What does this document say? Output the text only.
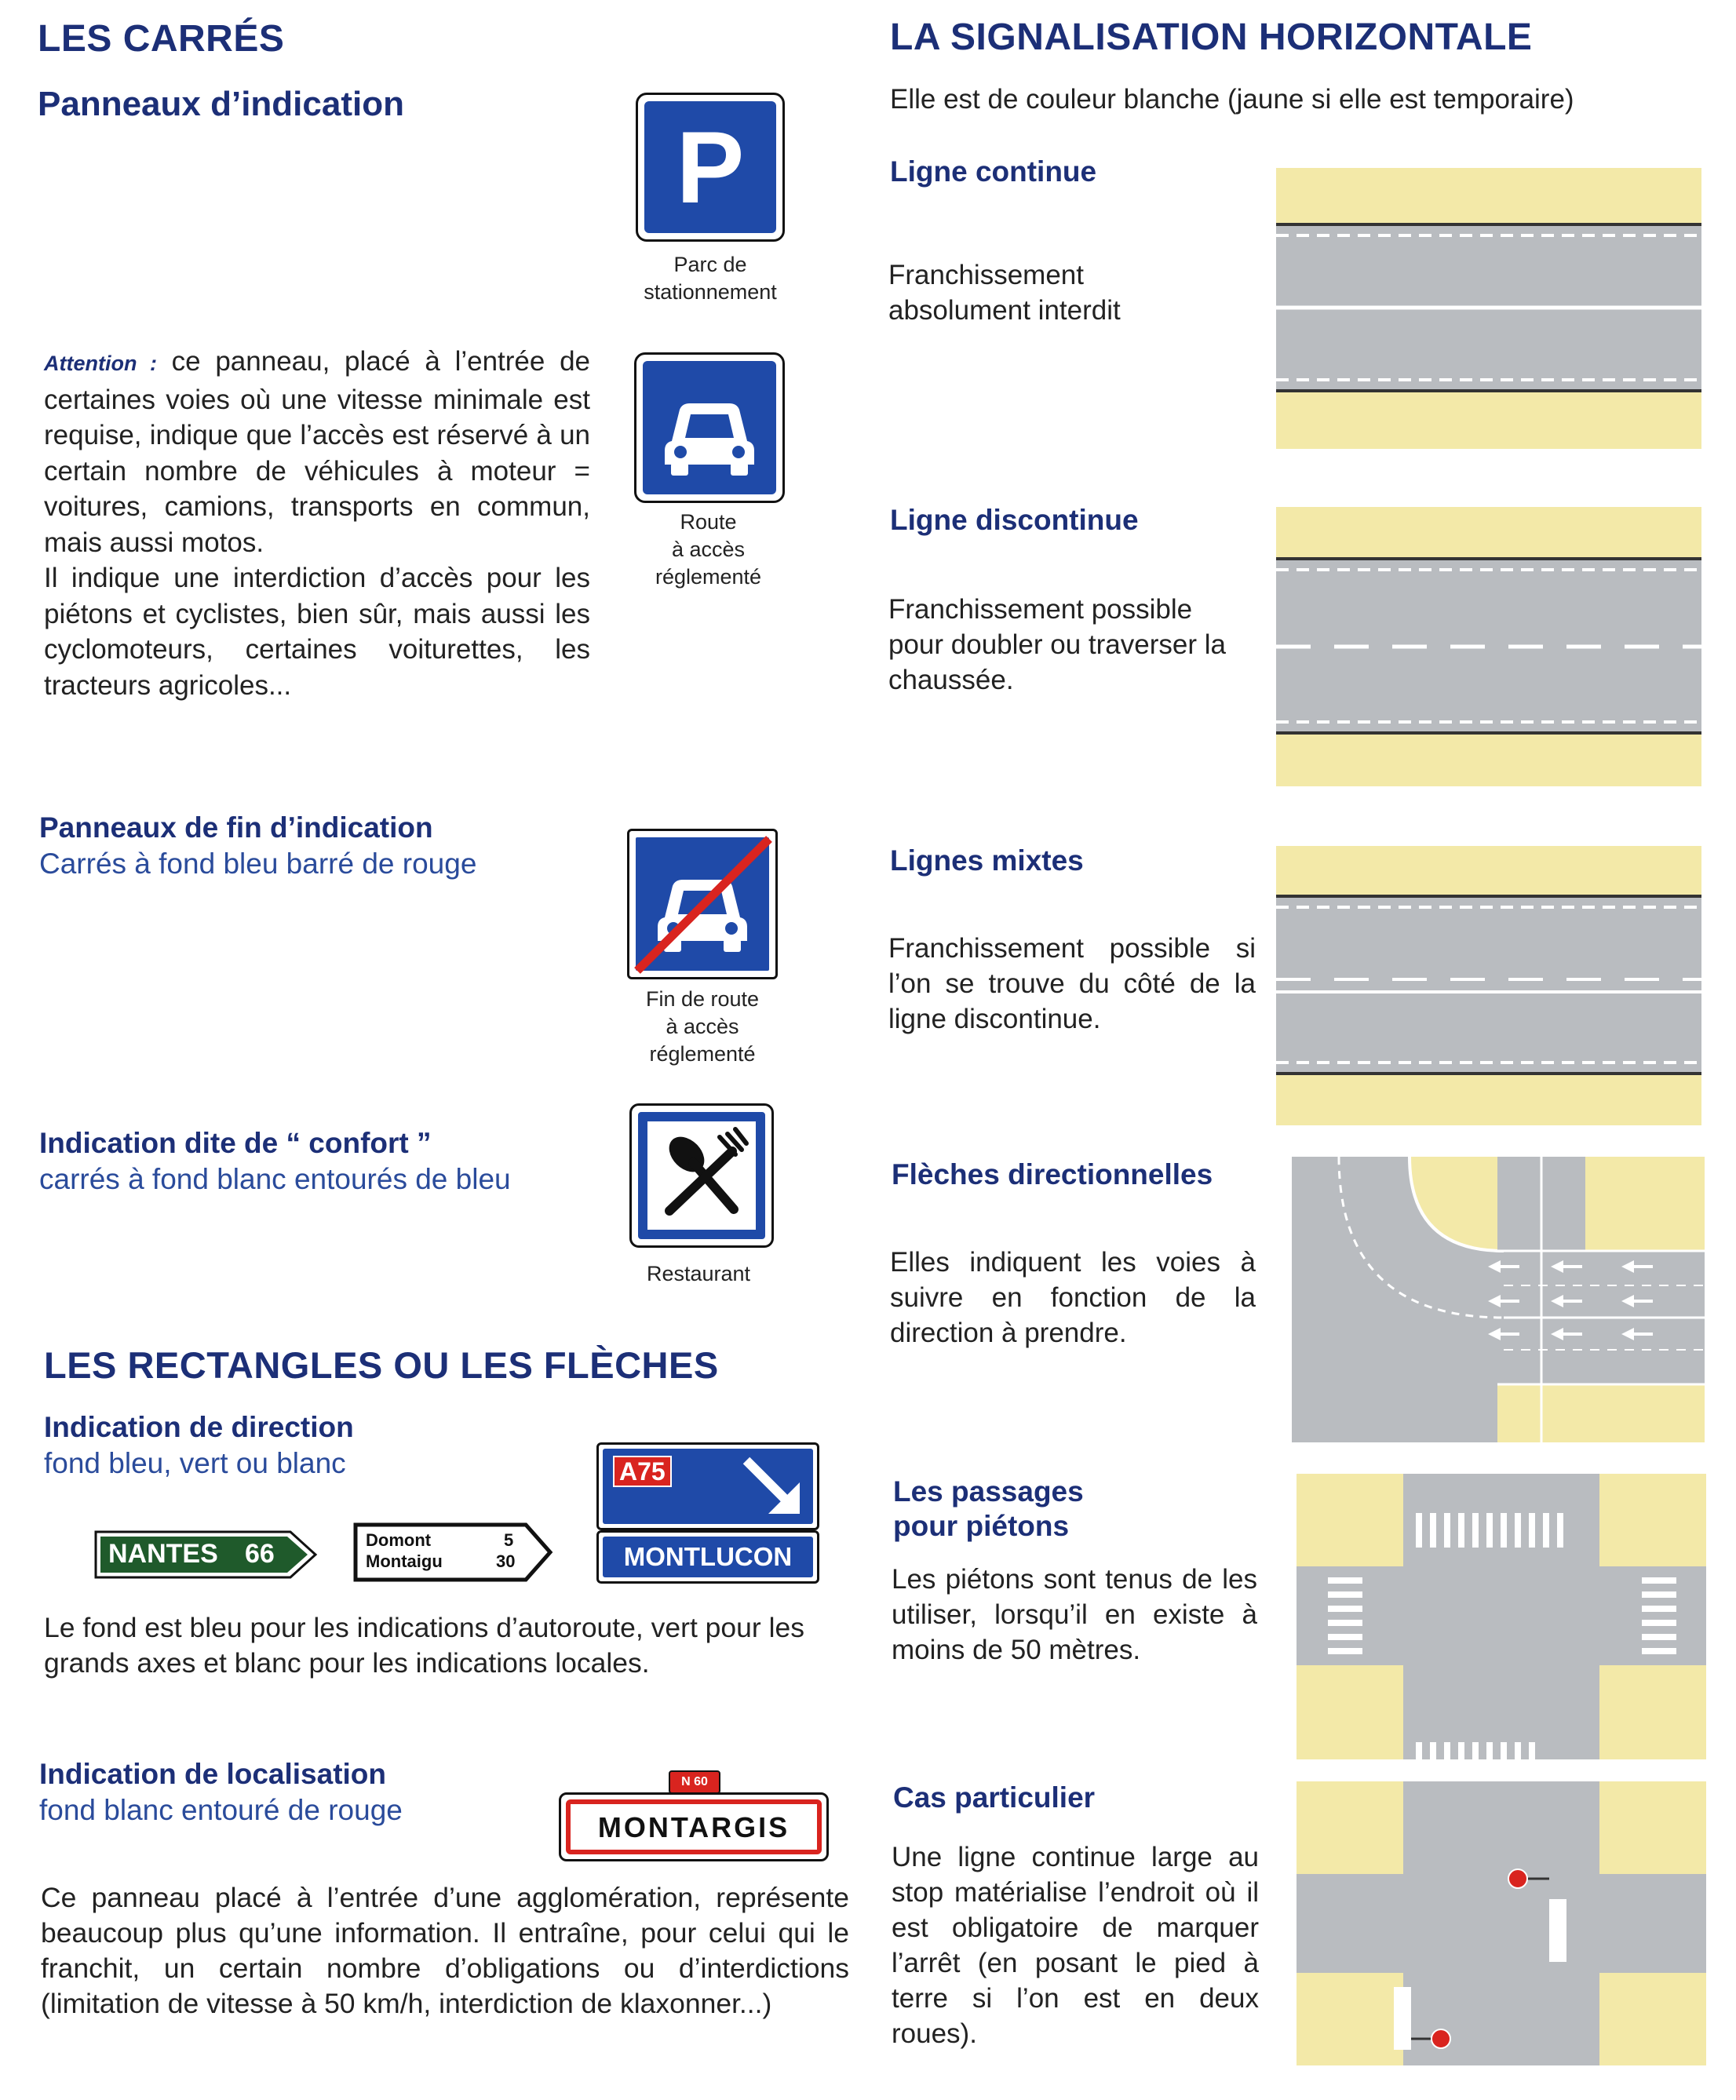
LES CARRÉS
Panneaux d’indication
P
Parc de
stationnement
Attention : ce panneau, placé à l’entrée de certaines voies où une vitesse minimale est requise, indique que l’accès est réservé à un certain nombre de véhicules à moteur = voitures, camions, transports en commun, mais aussi motos.
Il indique une interdiction d’accès pour les piétons et cyclistes, bien sûr, mais aussi les cyclomoteurs, certaines voiturettes, les tracteurs agricoles...
Route
à accès
réglementé
Panneaux de fin d’indication
Carrés à fond bleu barré de rouge
Fin de route
à accès
réglementé
Indication dite de “ confort ”
carrés à fond blanc entourés de bleu
Restaurant
LES RECTANGLES OU LES FLÈCHES
Indication de direction
fond bleu, vert ou blanc
NANTES 66	Domont	5
Montaigu	30
A75
MONTLUCON
Le fond est bleu pour les indications d’autoroute, vert pour les grands axes et blanc pour les indications locales.
Indication de localisation
fond blanc entouré de rouge
N 60
MONTARGIS
Ce panneau placé à l’entrée d’une agglomération, représente beaucoup plus qu’une information. Il entraîne, pour celui qui le franchit, un certain nombre d’obligations ou d’interdictions (limitation de vitesse à 50 km/h, interdiction de klaxonner...)
LA SIGNALISATION HORIZONTALE
Elle est de couleur blanche (jaune si elle est temporaire)
Ligne continue
Franchissement absolument interdit
Ligne discontinue
Franchissement possible pour doubler ou traverser la chaussée.
Lignes mixtes
Franchissement possible si l’on se trouve du côté de la ligne discontinue.
Flèches directionnelles
Elles indiquent les voies à suivre en fonction de la direction à prendre.
Les passages
pour piétons
Les piétons sont tenus de les utiliser, lorsqu’il en existe à moins de 50 mètres.
Cas particulier
Une ligne continue large au stop matérialise l’endroit où il est obligatoire de marquer l’arrêt (en posant le pied à terre si l’on est en deux roues).
